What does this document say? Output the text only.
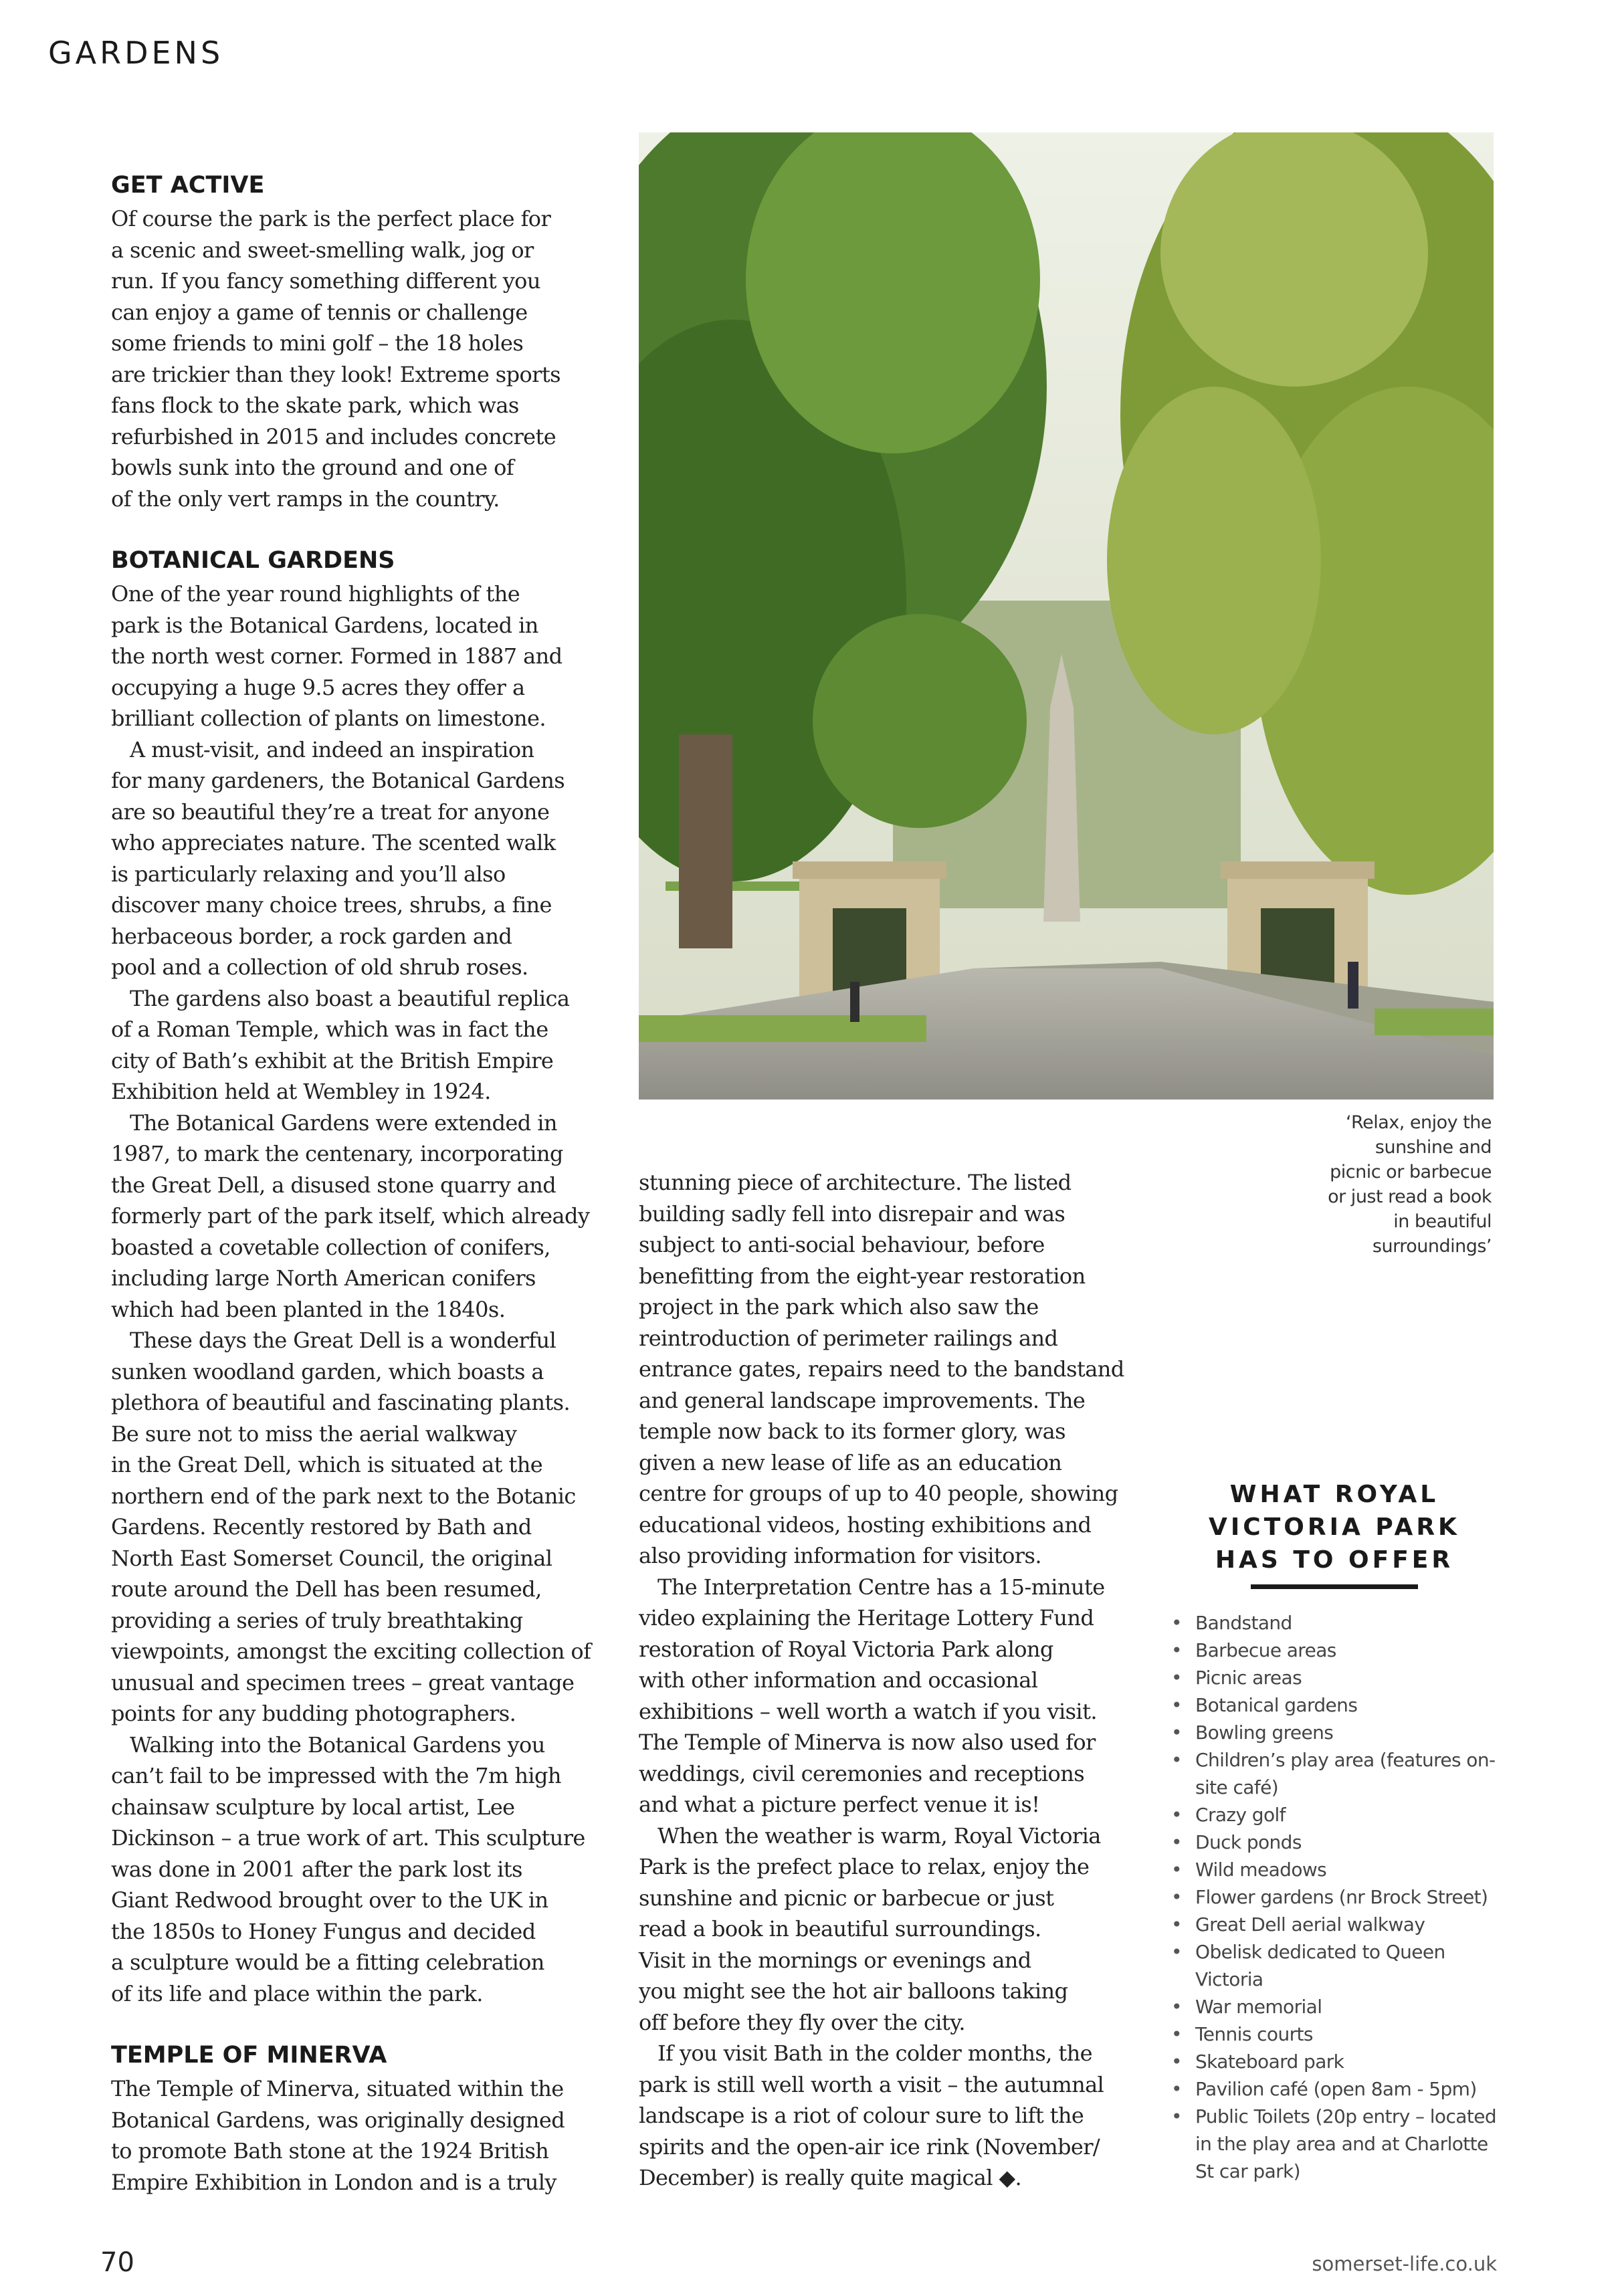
GARDENS
GET ACTIVE

Of course the park is the perfect place for
a scenic and sweet-smelling walk, jog or
run. If you fancy something different you
can enjoy a game of tennis or challenge
some friends to mini golf – the 18 holes
are trickier than they look! Extreme sports
fans flock to the skate park, which was
refurbished in 2015 and includes concrete
bowls sunk into the ground and one of
of the only vert ramps in the country.

BOTANICAL GARDENS

One of the year round highlights of the
park is the Botanical Gardens, located in
the north west corner. Formed in 1887 and
occupying a huge 9.5 acres they offer a
brilliant collection of plants on limestone.

A must-visit, and indeed an inspiration
for many gardeners, the Botanical Gardens
are so beautiful they’re a treat for anyone
who appreciates nature. The scented walk
is particularly relaxing and you’ll also
discover many choice trees, shrubs, a fine
herbaceous border, a rock garden and
pool and a collection of old shrub roses.

The gardens also boast a beautiful replica
of a Roman Temple, which was in fact the
city of Bath’s exhibit at the British Empire
Exhibition held at Wembley in 1924.

The Botanical Gardens were extended in
1987, to mark the centenary, incorporating
the Great Dell, a disused stone quarry and
formerly part of the park itself, which already
boasted a covetable collection of conifers,
including large North American conifers
which had been planted in the 1840s.

These days the Great Dell is a wonderful
sunken woodland garden, which boasts a
plethora of beautiful and fascinating plants.
Be sure not to miss the aerial walkway
in the Great Dell, which is situated at the
northern end of the park next to the Botanic
Gardens. Recently restored by Bath and
North East Somerset Council, the original
route around the Dell has been resumed,
providing a series of truly breathtaking
viewpoints, amongst the exciting collection of
unusual and specimen trees – great vantage
points for any budding photographers.

Walking into the Botanical Gardens you
can’t fail to be impressed with the 7m high
chainsaw sculpture by local artist, Lee
Dickinson – a true work of art. This sculpture
was done in 2001 after the park lost its
Giant Redwood brought over to the UK in
the 1850s to Honey Fungus and decided
a sculpture would be a fitting celebration
of its life and place within the park.

TEMPLE OF MINERVA

The Temple of Minerva, situated within the
Botanical Gardens, was originally designed
to promote Bath stone at the 1924 British
Empire Exhibition in London and is a truly

‘Relax, enjoy the
sunshine and
picnic or barbecue
or just read a book
in beautiful
surroundings’

stunning piece of architecture. The listed
building sadly fell into disrepair and was
subject to anti-social behaviour, before
benefitting from the eight-year restoration
project in the park which also saw the
reintroduction of perimeter railings and
entrance gates, repairs need to the bandstand
and general landscape improvements. The
temple now back to its former glory, was
given a new lease of life as an education
centre for groups of up to 40 people, showing
educational videos, hosting exhibitions and
also providing information for visitors.

The Interpretation Centre has a 15-minute
video explaining the Heritage Lottery Fund
restoration of Royal Victoria Park along
with other information and occasional
exhibitions – well worth a watch if you visit.
The Temple of Minerva is now also used for
weddings, civil ceremonies and receptions
and what a picture perfect venue it is!

When the weather is warm, Royal Victoria
Park is the prefect place to relax, enjoy the
sunshine and picnic or barbecue or just
read a book in beautiful surroundings.
Visit in the mornings or evenings and
you might see the hot air balloons taking
off before they fly over the city.

If you visit Bath in the colder months, the
park is still well worth a visit – the autumnal
landscape is a riot of colour sure to lift the
spirits and the open-air ice rink (November/
December) is really quite magical ◆.

WHAT ROYAL
VICTORIA PARK
HAS TO OFFER
• Bandstand
• Barbecue areas
• Picnic areas
• Botanical gardens
• Bowling greens
• Children’s play area (features on-site café)
• Crazy golf
• Duck ponds
• Wild meadows
• Flower gardens (nr Brock Street)
• Great Dell aerial walkway
• Obelisk dedicated to Queen Victoria
• War memorial
• Tennis courts
• Skateboard park
• Pavilion café (open 8am - 5pm)
• Public Toilets (20p entry – located in the play area and at Charlotte St car park)
70	somerset-life.co.uk
